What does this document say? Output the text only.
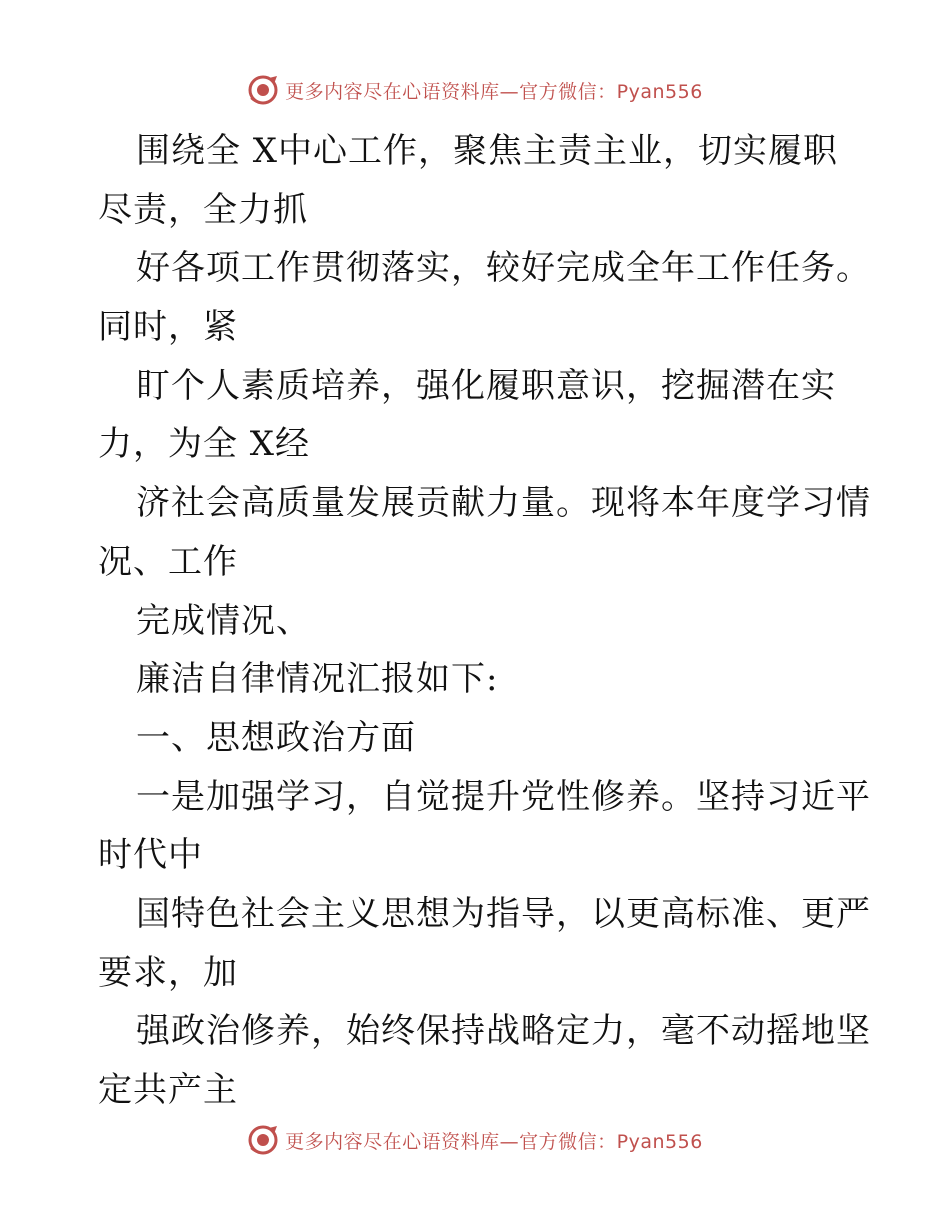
更多内容尽在心语资料库—官方微信：Pyan556
围绕全 X中心工作，聚焦主责主业，切实履职
尽责，全力抓
好各项工作贯彻落实，较好完成全年工作任务。
同时，紧
盯个人素质培养，强化履职意识，挖掘潜在实
力，为全 X经
济社会高质量发展贡献力量。现将本年度学习情
况、工作
完成情况、
廉洁自律情况汇报如下:
一、思想政治方面
一是加强学习，自觉提升党性修养。坚持习近平
时代中
国特色社会主义思想为指导，以更高标准、更严
要求，加
强政治修养，始终保持战略定力，毫不动摇地坚
定共产主
更多内容尽在心语资料库—官方微信：Pyan556
